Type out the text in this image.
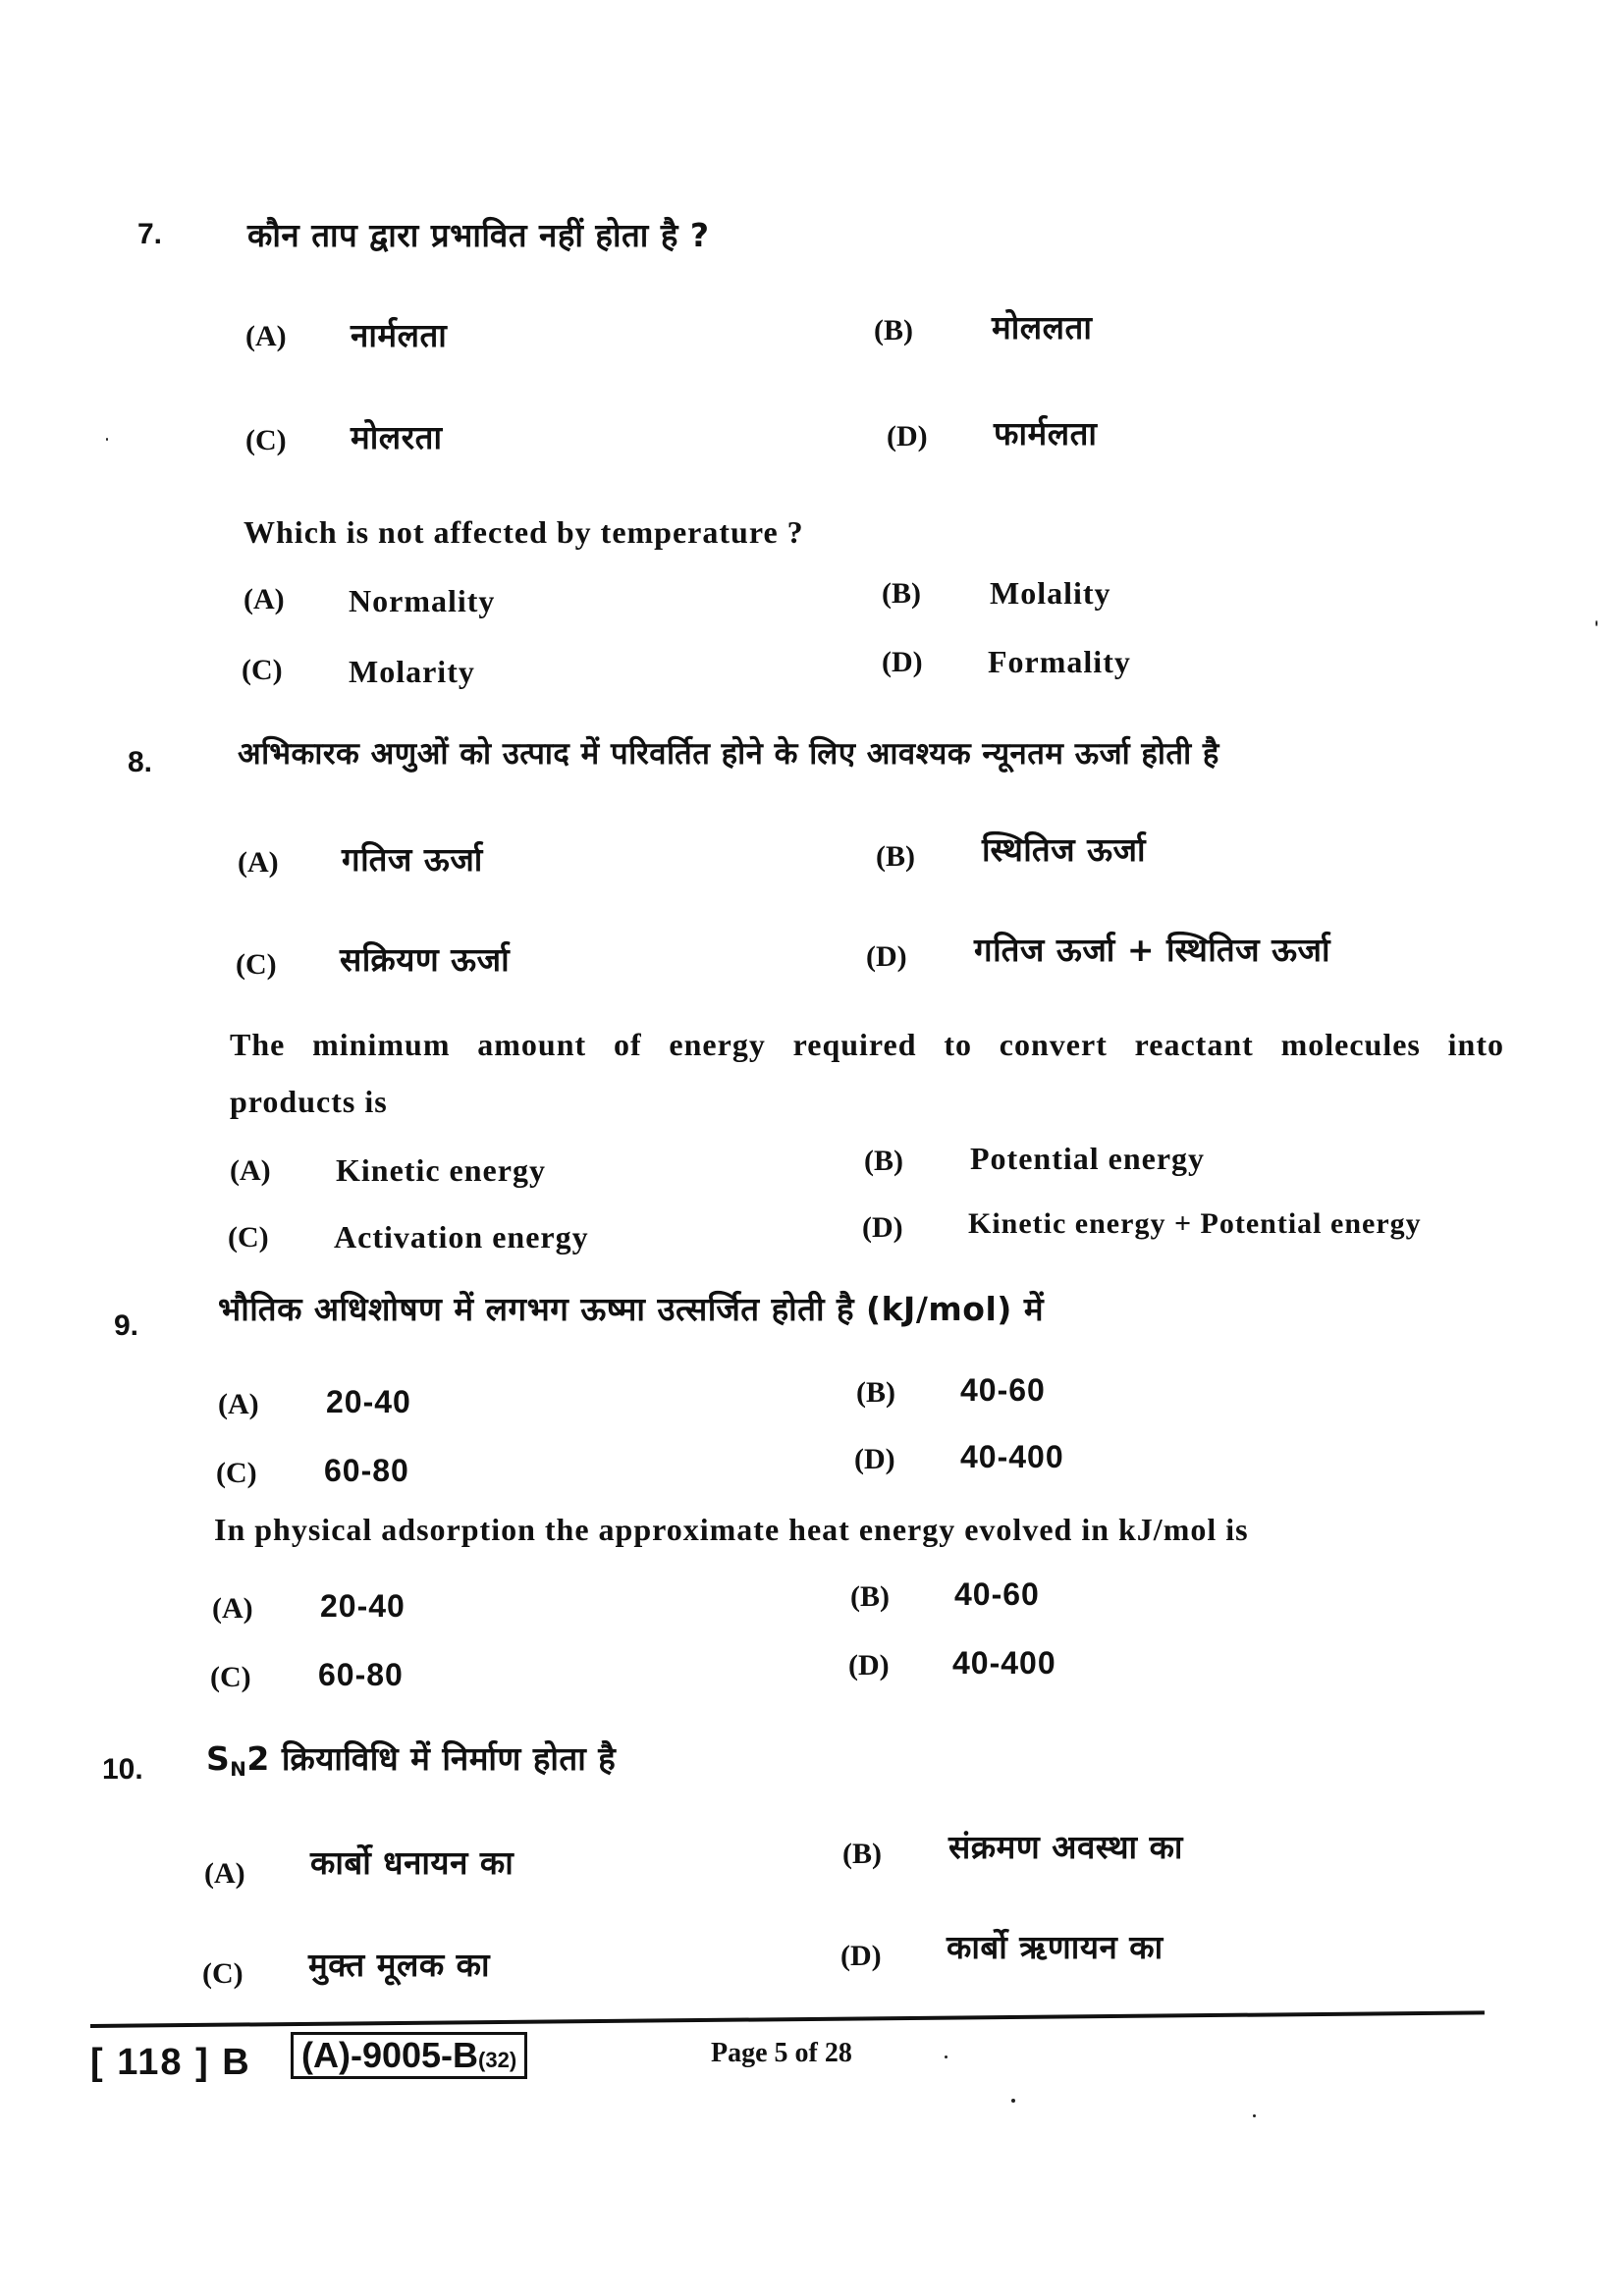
7.	कौन ताप द्वारा प्रभावित नहीं होता है ?
(A) नार्मलता	(B) मोललता
(C) मोलरता	(D) फार्मलता
Which is not affected by temperature ?
(A) Normality	(B) Molality
(C) Molarity	(D) Formality
8.	अभिकारक अणुओं को उत्पाद में परिवर्तित होने के लिए आवश्यक न्यूनतम ऊर्जा होती है
(A) गतिज ऊर्जा	(B) स्थितिज ऊर्जा
(C) सक्रियण ऊर्जा	(D) गतिज ऊर्जा + स्थितिज ऊर्जा
The minimum amount of energy required to convert reactant molecules into
products is
(A) Kinetic energy	(B) Potential energy
(C) Activation energy	(D) Kinetic energy + Potential energy
9. भौतिक अधिशोषण में लगभग ऊष्मा उत्सर्जित होती है (kJ/mol) में
(A) 20-40	(B) 40-60
(C) 60-80	(D) 40-400
In physical adsorption the approximate heat energy evolved in kJ/mol is
(A) 20-40	(B) 40-60
(C) 60-80	(D) 40-400
10. $S_N2$ क्रियाविधि में निर्माण होता है
(A) कार्बो धनायन का	(B) संक्रमण अवस्था का
(C) मुक्त मूलक का	(D) कार्बो ऋणायन का
[ 118 ] B	(A)-9005-B(32)	Page 5 of 28
